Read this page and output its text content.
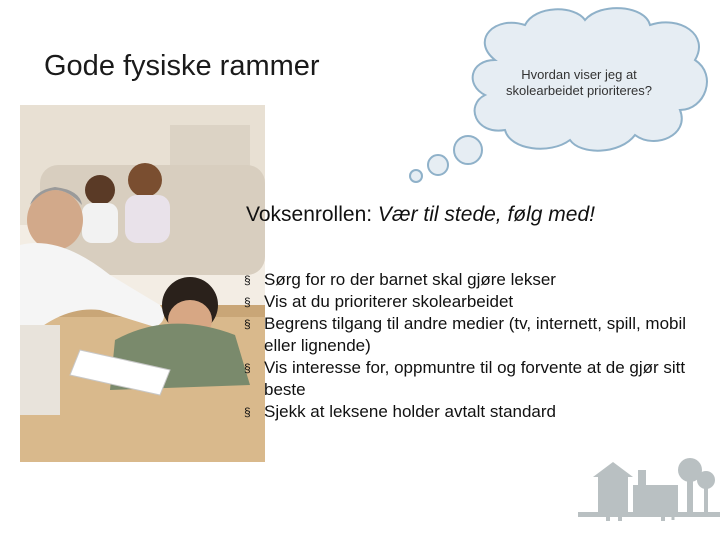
Gode fysiske rammer	Hvordan viser jeg at skolearbeidet prioriteres?
Voksenrollen: Vær til stede, følg med!
§ Sørg for ro der barnet skal gjøre lekser
§ Vis at du prioriterer skolearbeidet
§ Begrens tilgang til andre medier (tv, internett, spill, mobil eller lignende)
§ Vis interesse for, oppmuntre til og forvente at de gjør sitt beste
§ Sjekk at leksene holder avtalt standard
